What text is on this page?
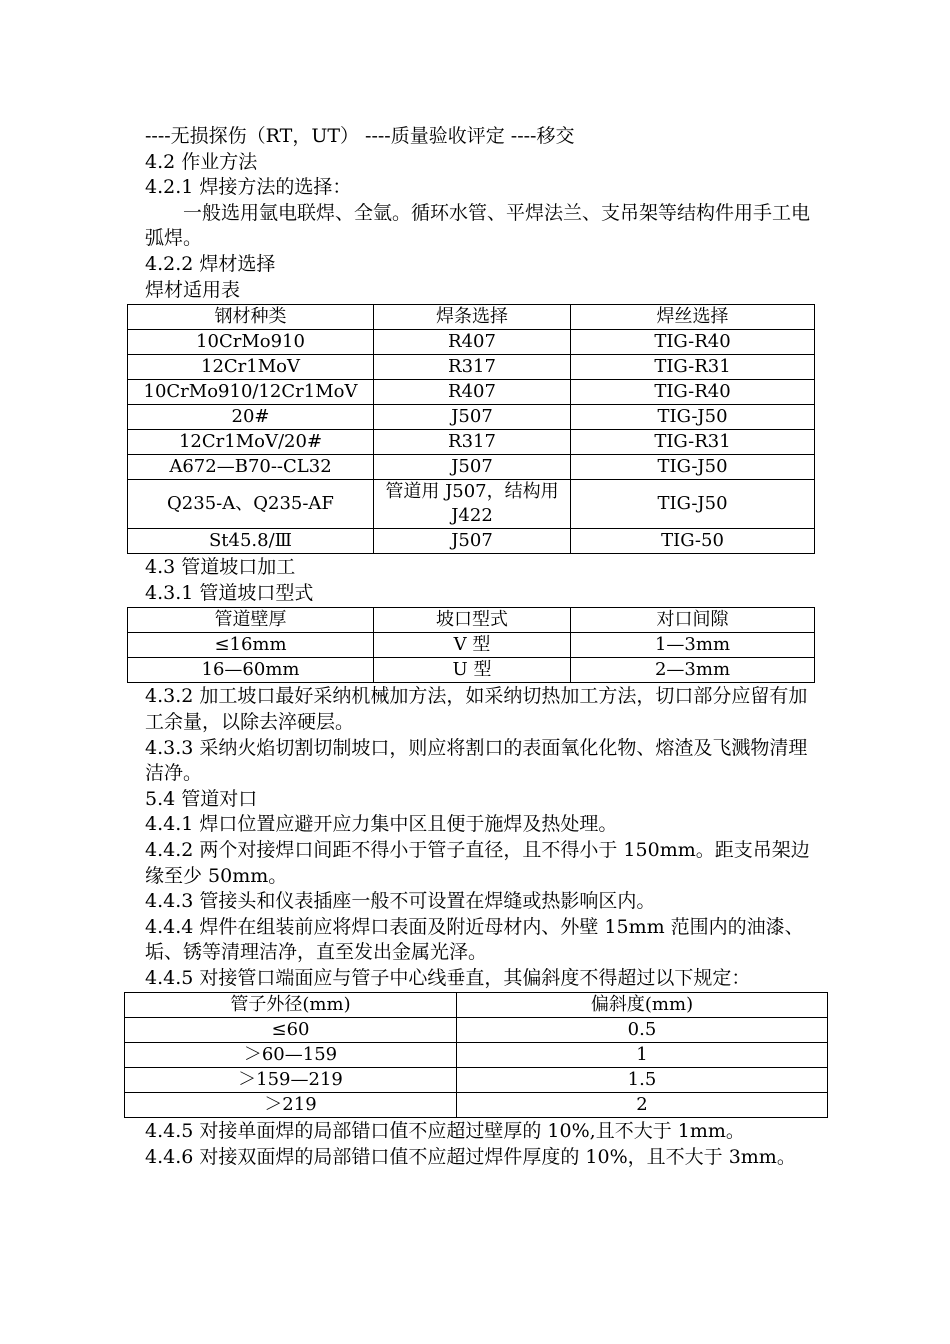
----无损探伤（RT，UT） ----质量验收评定 ----移交

4.2 作业方法

4.2.1 焊接方法的选择：

一般选用氩电联焊、全氩。循环水管、平焊法兰、支吊架等结构件用手工电弧焊。

4.2.2 焊材选择

焊材适用表

钢材种类	焊条选择	焊丝选择
10CrMo910	R407	TIG-R40
12Cr1MoV	R317	TIG-R31
10CrMo910/12Cr1MoV	R407	TIG-R40
20#	J507	TIG-J50
12Cr1MoV/20#	R317	TIG-R31
A672—B70--CL32	J507	TIG-J50
Q235-A、Q235-AF	管道用 J507，结构用 J422	TIG-J50
St45.8/Ⅲ	J507	TIG-50

4.3 管道坡口加工

4.3.1 管道坡口型式

管道壁厚	坡口型式	对口间隙
≤16mm	V 型	1—3mm
16—60mm	U 型	2—3mm

4.3.2 加工坡口最好采纳机械加方法，如采纳切热加工方法，切口部分应留有加工余量，以除去淬硬层。

4.3.3 采纳火焰切割切制坡口，则应将割口的表面氧化化物、熔渣及飞溅物清理洁净。

5.4 管道对口

4.4.1 焊口位置应避开应力集中区且便于施焊及热处理。

4.4.2 两个对接焊口间距不得小于管子直径，且不得小于 150mm。距支吊架边缘至少 50mm。

4.4.3 管接头和仪表插座一般不可设置在焊缝或热影响区内。

4.4.4 焊件在组装前应将焊口表面及附近母材内、外壁 15mm 范围内的油漆、垢、锈等清理洁净，直至发出金属光泽。

4.4.5 对接管口端面应与管子中心线垂直，其偏斜度不得超过以下规定：

管子外径(mm)	偏斜度(mm)
≤60	0.5
＞60—159	1
＞159—219	1.5
＞219	2

4.4.5 对接单面焊的局部错口值不应超过壁厚的 10%,且不大于 1mm。

4.4.6 对接双面焊的局部错口值不应超过焊件厚度的 10%，且不大于 3mm。
